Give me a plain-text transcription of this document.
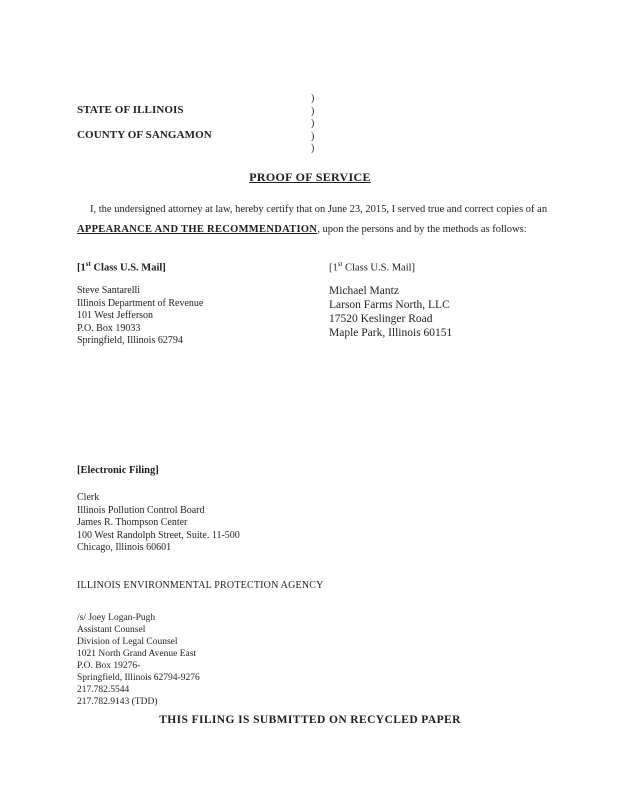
)
)
)
)
)
STATE OF ILLINOIS
COUNTY OF SANGAMON
PROOF OF SERVICE
I, the undersigned attorney at law, hereby certify that on June 23, 2015, I served true and correct copies of an APPEARANCE AND THE RECOMMENDATION, upon the persons and by the methods as follows:
[1st Class U.S. Mail]
Steve Santarelli
Illinois Department of Revenue
101 West Jefferson
P.O. Box 19033
Springfield, Illinois 62794
[1st Class U.S. Mail]
Michael Mantz
Larson Farms North, LLC
17520 Keslinger Road
Maple Park, Illinois 60151
[Electronic Filing]
Clerk
Illinois Pollution Control Board
James R. Thompson Center
100 West Randolph Street, Suite. 11-500
Chicago, Illinois 60601
ILLINOIS ENVIRONMENTAL PROTECTION AGENCY
/s/ Joey Logan-Pugh
Assistant Counsel
Division of Legal Counsel
1021 North Grand Avenue East
P.O. Box 19276-
Springfield, Illinois 62794-9276
217.782.5544
217.782.9143 (TDD)
THIS FILING IS SUBMITTED ON RECYCLED PAPER
